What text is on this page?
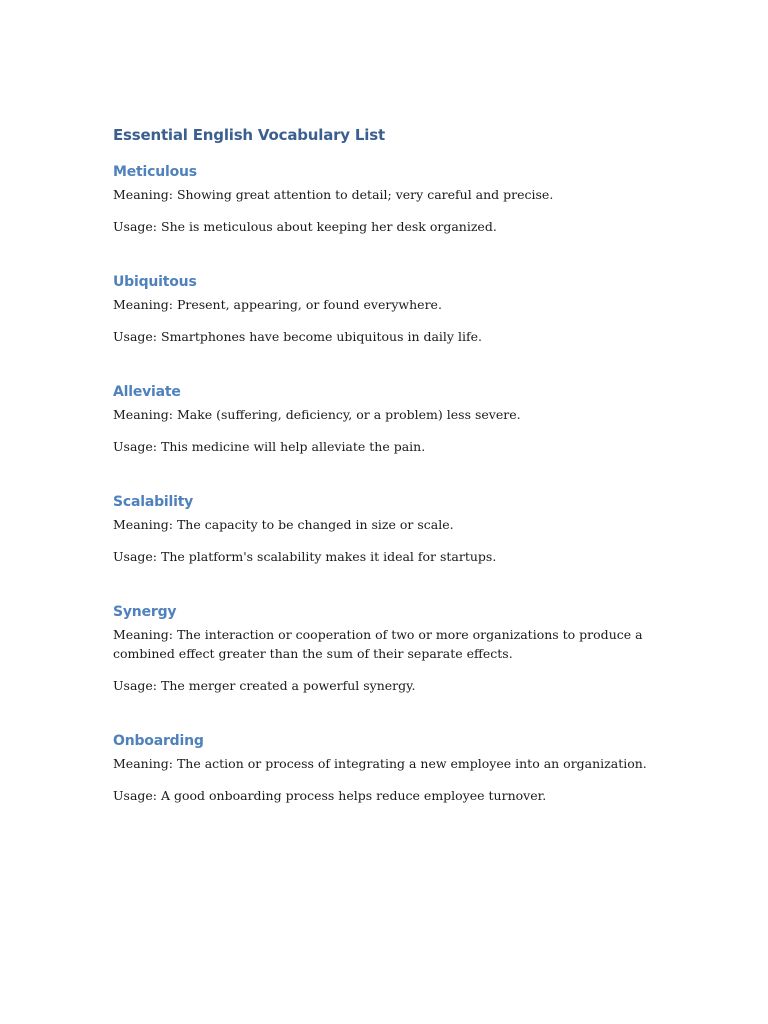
Essential English Vocabulary List
Meticulous

Meaning: Showing great attention to detail; very careful and precise.

Usage: She is meticulous about keeping her desk organized.

Ubiquitous

Meaning: Present, appearing, or found everywhere.

Usage: Smartphones have become ubiquitous in daily life.

Alleviate

Meaning: Make (suffering, deficiency, or a problem) less severe.

Usage: This medicine will help alleviate the pain.

Scalability

Meaning: The capacity to be changed in size or scale.

Usage: The platform's scalability makes it ideal for startups.

Synergy

Meaning: The interaction or cooperation of two or more organizations to produce a combined effect greater than the sum of their separate effects.

Usage: The merger created a powerful synergy.

Onboarding

Meaning: The action or process of integrating a new employee into an organization.

Usage: A good onboarding process helps reduce employee turnover.
